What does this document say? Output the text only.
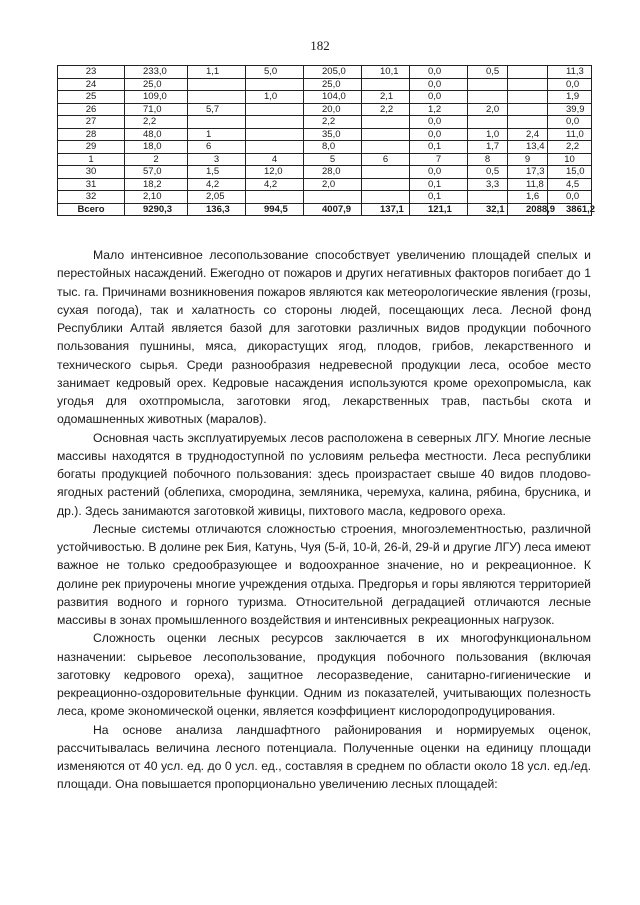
182
23	233,0	1,1	5,0	205,0	10,1	0,0	0,5		11,3
24	25,0			25,0		0,0			0,0
25	109,0		1,0	104,0	2,1	0,0			1,9
26	71,0	5,7		20,0	2,2	1,2	2,0		39,9
27	2,2			2,2		0,0			0,0
28	48,0	1		35,0		0,0	1,0	2,4	11,0
29	18,0	6		8,0		0,1	1,7	13,4	2,2
1	2	3	4	5	6	7	8	9	10
30	57,0	1,5	12,0	28,0		0,0	0,5	17,3	15,0
31	18,2	4,2	4,2	2,0		0,1	3,3	11,8	4,5
32	2,10	2,05				0,1		1,6	0,0
Всего	9290,3	136,3	994,5	4007,9	137,1	121,1	32,1	2088,9	3861,2

Мало интенсивное лесопользование способствует увеличению площадей спелых и перестойных насаждений. Ежегодно от пожаров и других негативных факторов погибает до 1 тыс. га. Причинами возникновения пожаров являются как метеорологические явления (грозы, сухая погода), так и халатность со стороны людей, посещающих леса. Лесной фонд Республики Алтай является базой для заготовки различных видов продукции побочного пользования пушнины, мяса, дикорастущих ягод, плодов, грибов, лекарственного и технического сырья. Среди разнообразия недревесной продукции леса, особое место занимает кедровый орех. Кедровые насаждения используются кроме орехопромысла, как угодья для охотпромысла, заготовки ягод, лекарственных трав, пастьбы скота и одомашненных животных (маралов).

Основная часть эксплуатируемых лесов расположена в северных ЛГУ. Многие лесные массивы находятся в труднодоступной по условиям рельефа местности. Леса республики богаты продукцией побочного пользования: здесь произрастает свыше 40 видов плодово-ягодных растений (облепиха, смородина, земляника, черемуха, калина, рябина, брусника, и др.). Здесь занимаются заготовкой живицы, пихтового масла, кедрового ореха.

Лесные системы отличаются сложностью строения, многоэлементностью, различной устойчивостью. В долине рек Бия, Катунь, Чуя (5-й, 10-й, 26-й, 29-й и другие ЛГУ) леса имеют важное не только средообразующее и водоохранное значение, но и рекреационное. К долине рек приурочены многие учреждения отдыха. Предгорья и горы являются территорией развития водного и горного туризма. Относительной деградацией отличаются лесные массивы в зонах промышленного воздействия и интенсивных рекреационных нагрузок.

Сложность оценки лесных ресурсов заключается в их многофункциональном назначении: сырьевое лесопользование, продукция побочного пользования (включая заготовку кедрового ореха), защитное лесоразведение, санитарно-гигиенические и рекреационно-оздоровительные функции. Одним из показателей, учитывающих полезность леса, кроме экономической оценки, является коэффициент кислородопродуцирования.

На основе анализа ландшафтного районирования и нормируемых оценок, рассчитывалась величина лесного потенциала. Полученные оценки на единицу площади изменяются от 40 усл. ед. до 0 усл. ед., составляя в среднем по области около 18 усл. ед./ед. площади. Она повышается пропорционально увеличению лесных площадей:
